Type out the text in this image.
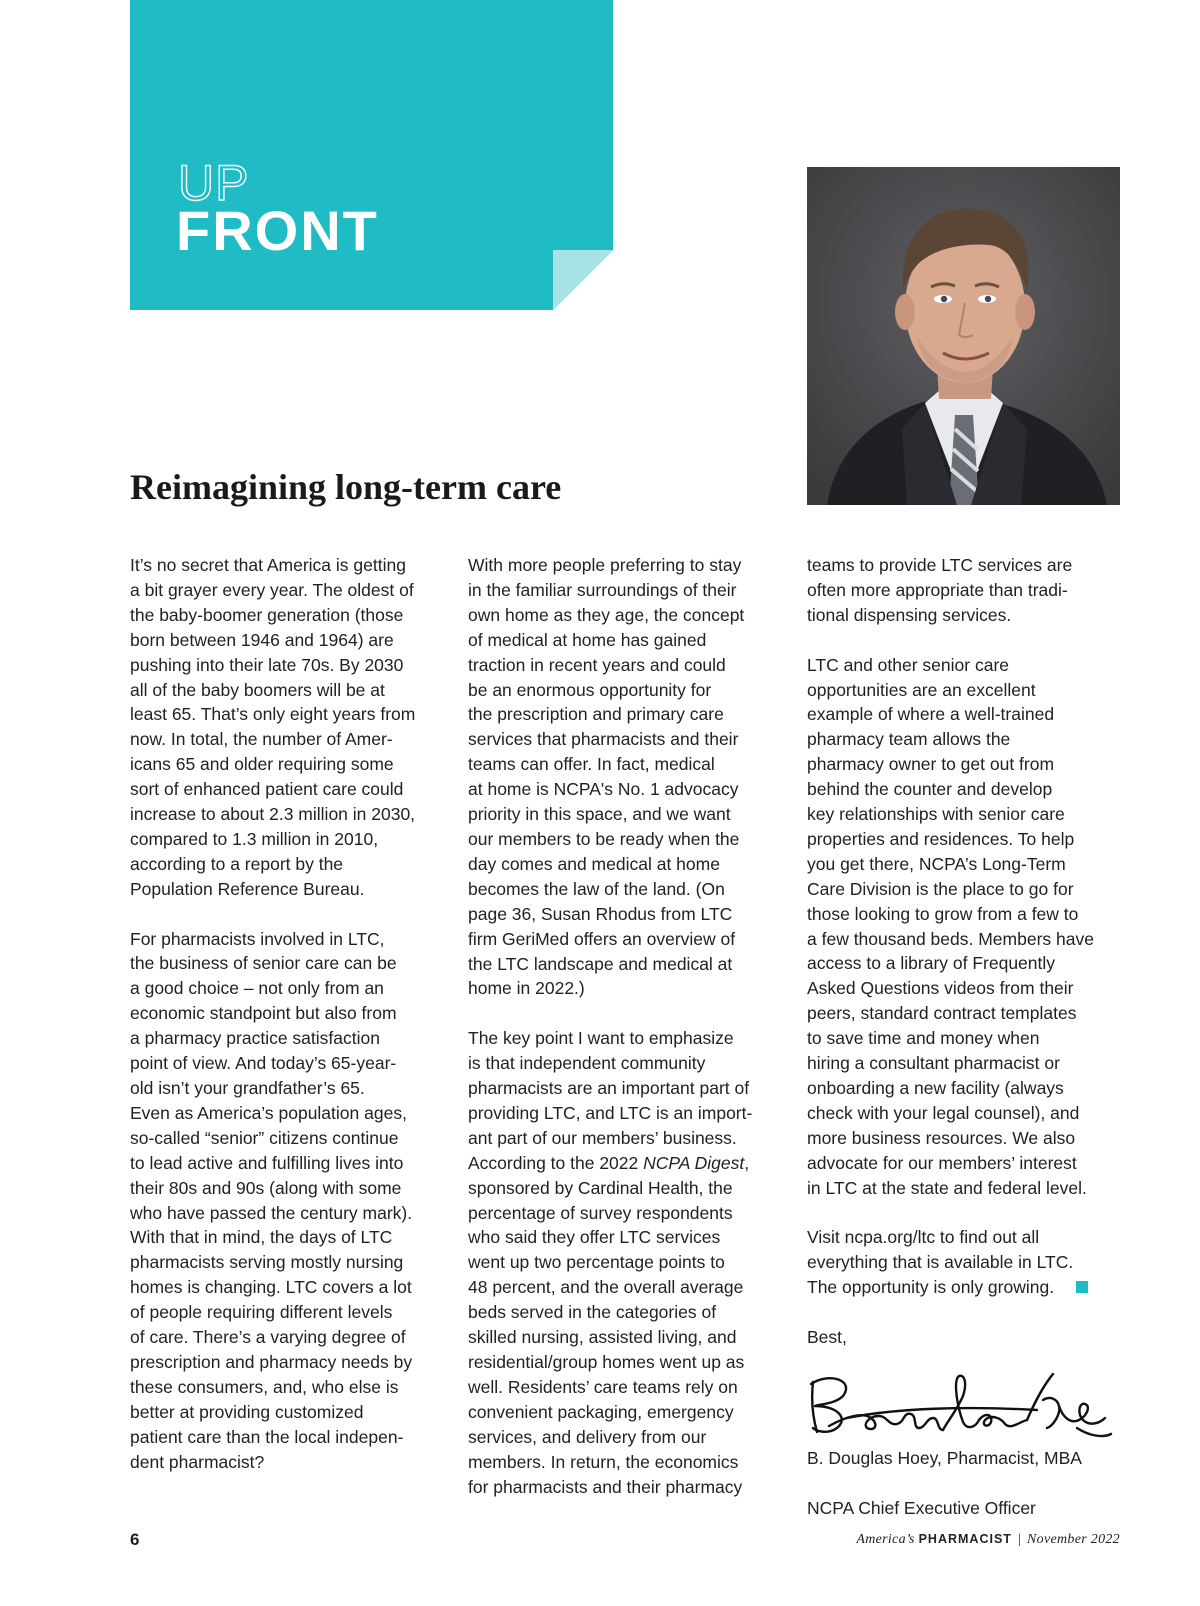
UP
FRONT
Reimagining long-term care

It’s no secret that America is getting
a bit grayer every year. The oldest of
the baby-boomer generation (those
born between 1946 and 1964) are
pushing into their late 70s. By 2030
all of the baby boomers will be at
least 65. That’s only eight years from
now. In total, the number of Amer-
icans 65 and older requiring some
sort of enhanced patient care could
increase to about 2.3 million in 2030,
compared to 1.3 million in 2010,
according to a report by the
Population Reference Bureau.

For pharmacists involved in LTC,
the business of senior care can be
a good choice – not only from an
economic standpoint but also from
a pharmacy practice satisfaction
point of view. And today’s 65-year-
old isn’t your grandfather’s 65.
Even as America’s population ages,
so-called “senior” citizens continue
to lead active and fulfilling lives into
their 80s and 90s (along with some
who have passed the century mark).
With that in mind, the days of LTC
pharmacists serving mostly nursing
homes is changing. LTC covers a lot
of people requiring different levels
of care. There’s a varying degree of
prescription and pharmacy needs by
these consumers, and, who else is
better at providing customized
patient care than the local indepen-
dent pharmacist?

With more people preferring to stay
in the familiar surroundings of their
own home as they age, the concept
of medical at home has gained
traction in recent years and could
be an enormous opportunity for
the prescription and primary care
services that pharmacists and their
teams can offer. In fact, medical
at home is NCPA's No. 1 advocacy
priority in this space, and we want
our members to be ready when the
day comes and medical at home
becomes the law of the land. (On
page 36, Susan Rhodus from LTC
firm GeriMed offers an overview of
the LTC landscape and medical at
home in 2022.)

The key point I want to emphasize
is that independent community
pharmacists are an important part of
providing LTC, and LTC is an import-
ant part of our members’ business.
According to the 2022 NCPA Digest,
sponsored by Cardinal Health, the
percentage of survey respondents
who said they offer LTC services
went up two percentage points to
48 percent, and the overall average
beds served in the categories of
skilled nursing, assisted living, and
residential/group homes went up as
well. Residents’ care teams rely on
convenient packaging, emergency
services, and delivery from our
members. In return, the economics
for pharmacists and their pharmacy

teams to provide LTC services are
often more appropriate than tradi-
tional dispensing services.

LTC and other senior care
opportunities are an excellent
example of where a well-trained
pharmacy team allows the
pharmacy owner to get out from
behind the counter and develop
key relationships with senior care
properties and residences. To help
you get there, NCPA’s Long-Term
Care Division is the place to go for
those looking to grow from a few to
a few thousand beds. Members have
access to a library of Frequently
Asked Questions videos from their
peers, standard contract templates
to save time and money when
hiring a consultant pharmacist or
onboarding a new facility (always
check with your legal counsel), and
more business resources. We also
advocate for our members’ interest
in LTC at the state and federal level.

Visit ncpa.org/ltc to find out all
everything that is available in LTC.
The opportunity is only growing.

Best,

B. Douglas Hoey, Pharmacist, MBA

NCPA Chief Executive Officer

6	America’s PHARMACIST | November 2022
